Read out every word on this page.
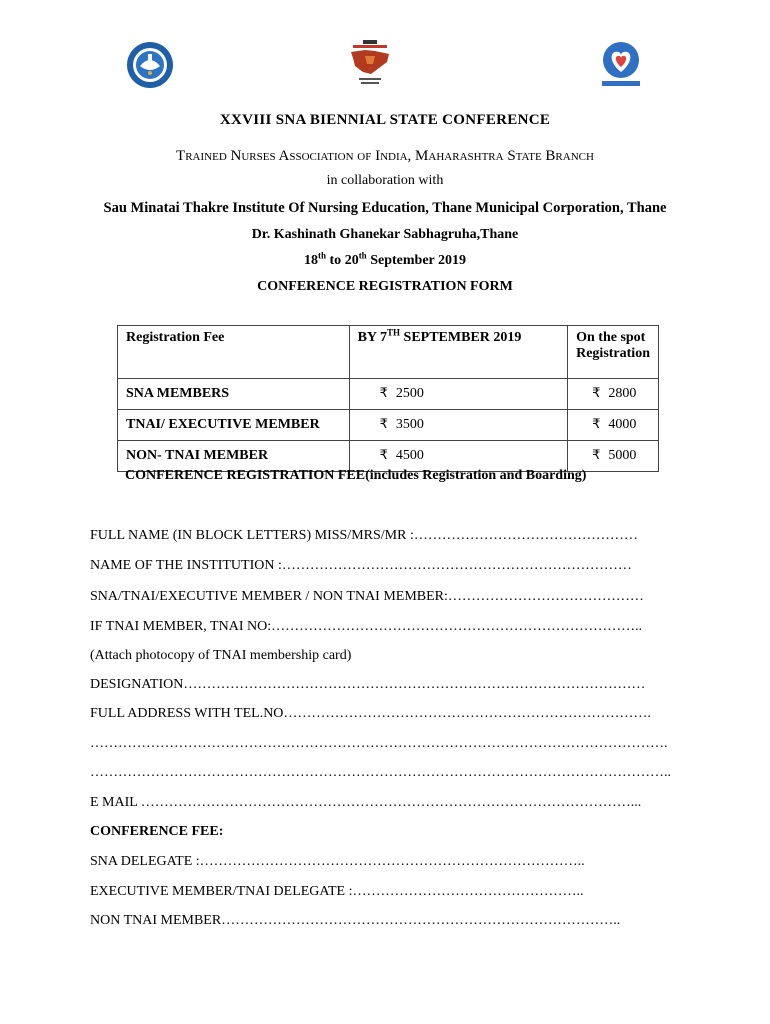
XXVIII SNA BIENNIAL STATE CONFERENCE
Trained Nurses Association of India, Maharashtra State Branch
in collaboration with
Sau Minatai Thakre Institute Of Nursing Education, Thane Municipal Corporation, Thane
Dr. Kashinath Ghanekar Sabhagruha,Thane
18th to 20th September 2019
CONFERENCE REGISTRATION FORM
Registration Fee	BY 7TH SEPTEMBER 2019	On the spot
Registration
SNA MEMBERS	₹ 2500	₹ 2800
TNAI/ EXECUTIVE MEMBER	₹ 3500	₹ 4000
NON- TNAI MEMBER	₹ 4500	₹ 5000
CONFERENCE REGISTRATION FEE(includes Registration and Boarding)
FULL NAME (IN BLOCK LETTERS) MISS/MRS/MR :…………………………………………
NAME OF THE INSTITUTION :…………………………………………………………………
SNA/TNAI/EXECUTIVE MEMBER / NON TNAI MEMBER:……………………………………
IF TNAI MEMBER, TNAI NO:……………………………………………………………………..
(Attach photocopy of TNAI membership card)
DESIGNATION………………………………………………………………………………………
FULL ADDRESS WITH TEL.NO…………………………………………………………………….
…………………………………………………………………………………………………………….
……………………………………………………………………………………………………………..
E MAIL ……………………………………………………………………………………………...
CONFERENCE FEE:
SNA DELEGATE :………………………………………………………………………..
EXECUTIVE MEMBER/TNAI DELEGATE :…………………………………………..
NON TNAI MEMBER…………………………………………………………………………..
